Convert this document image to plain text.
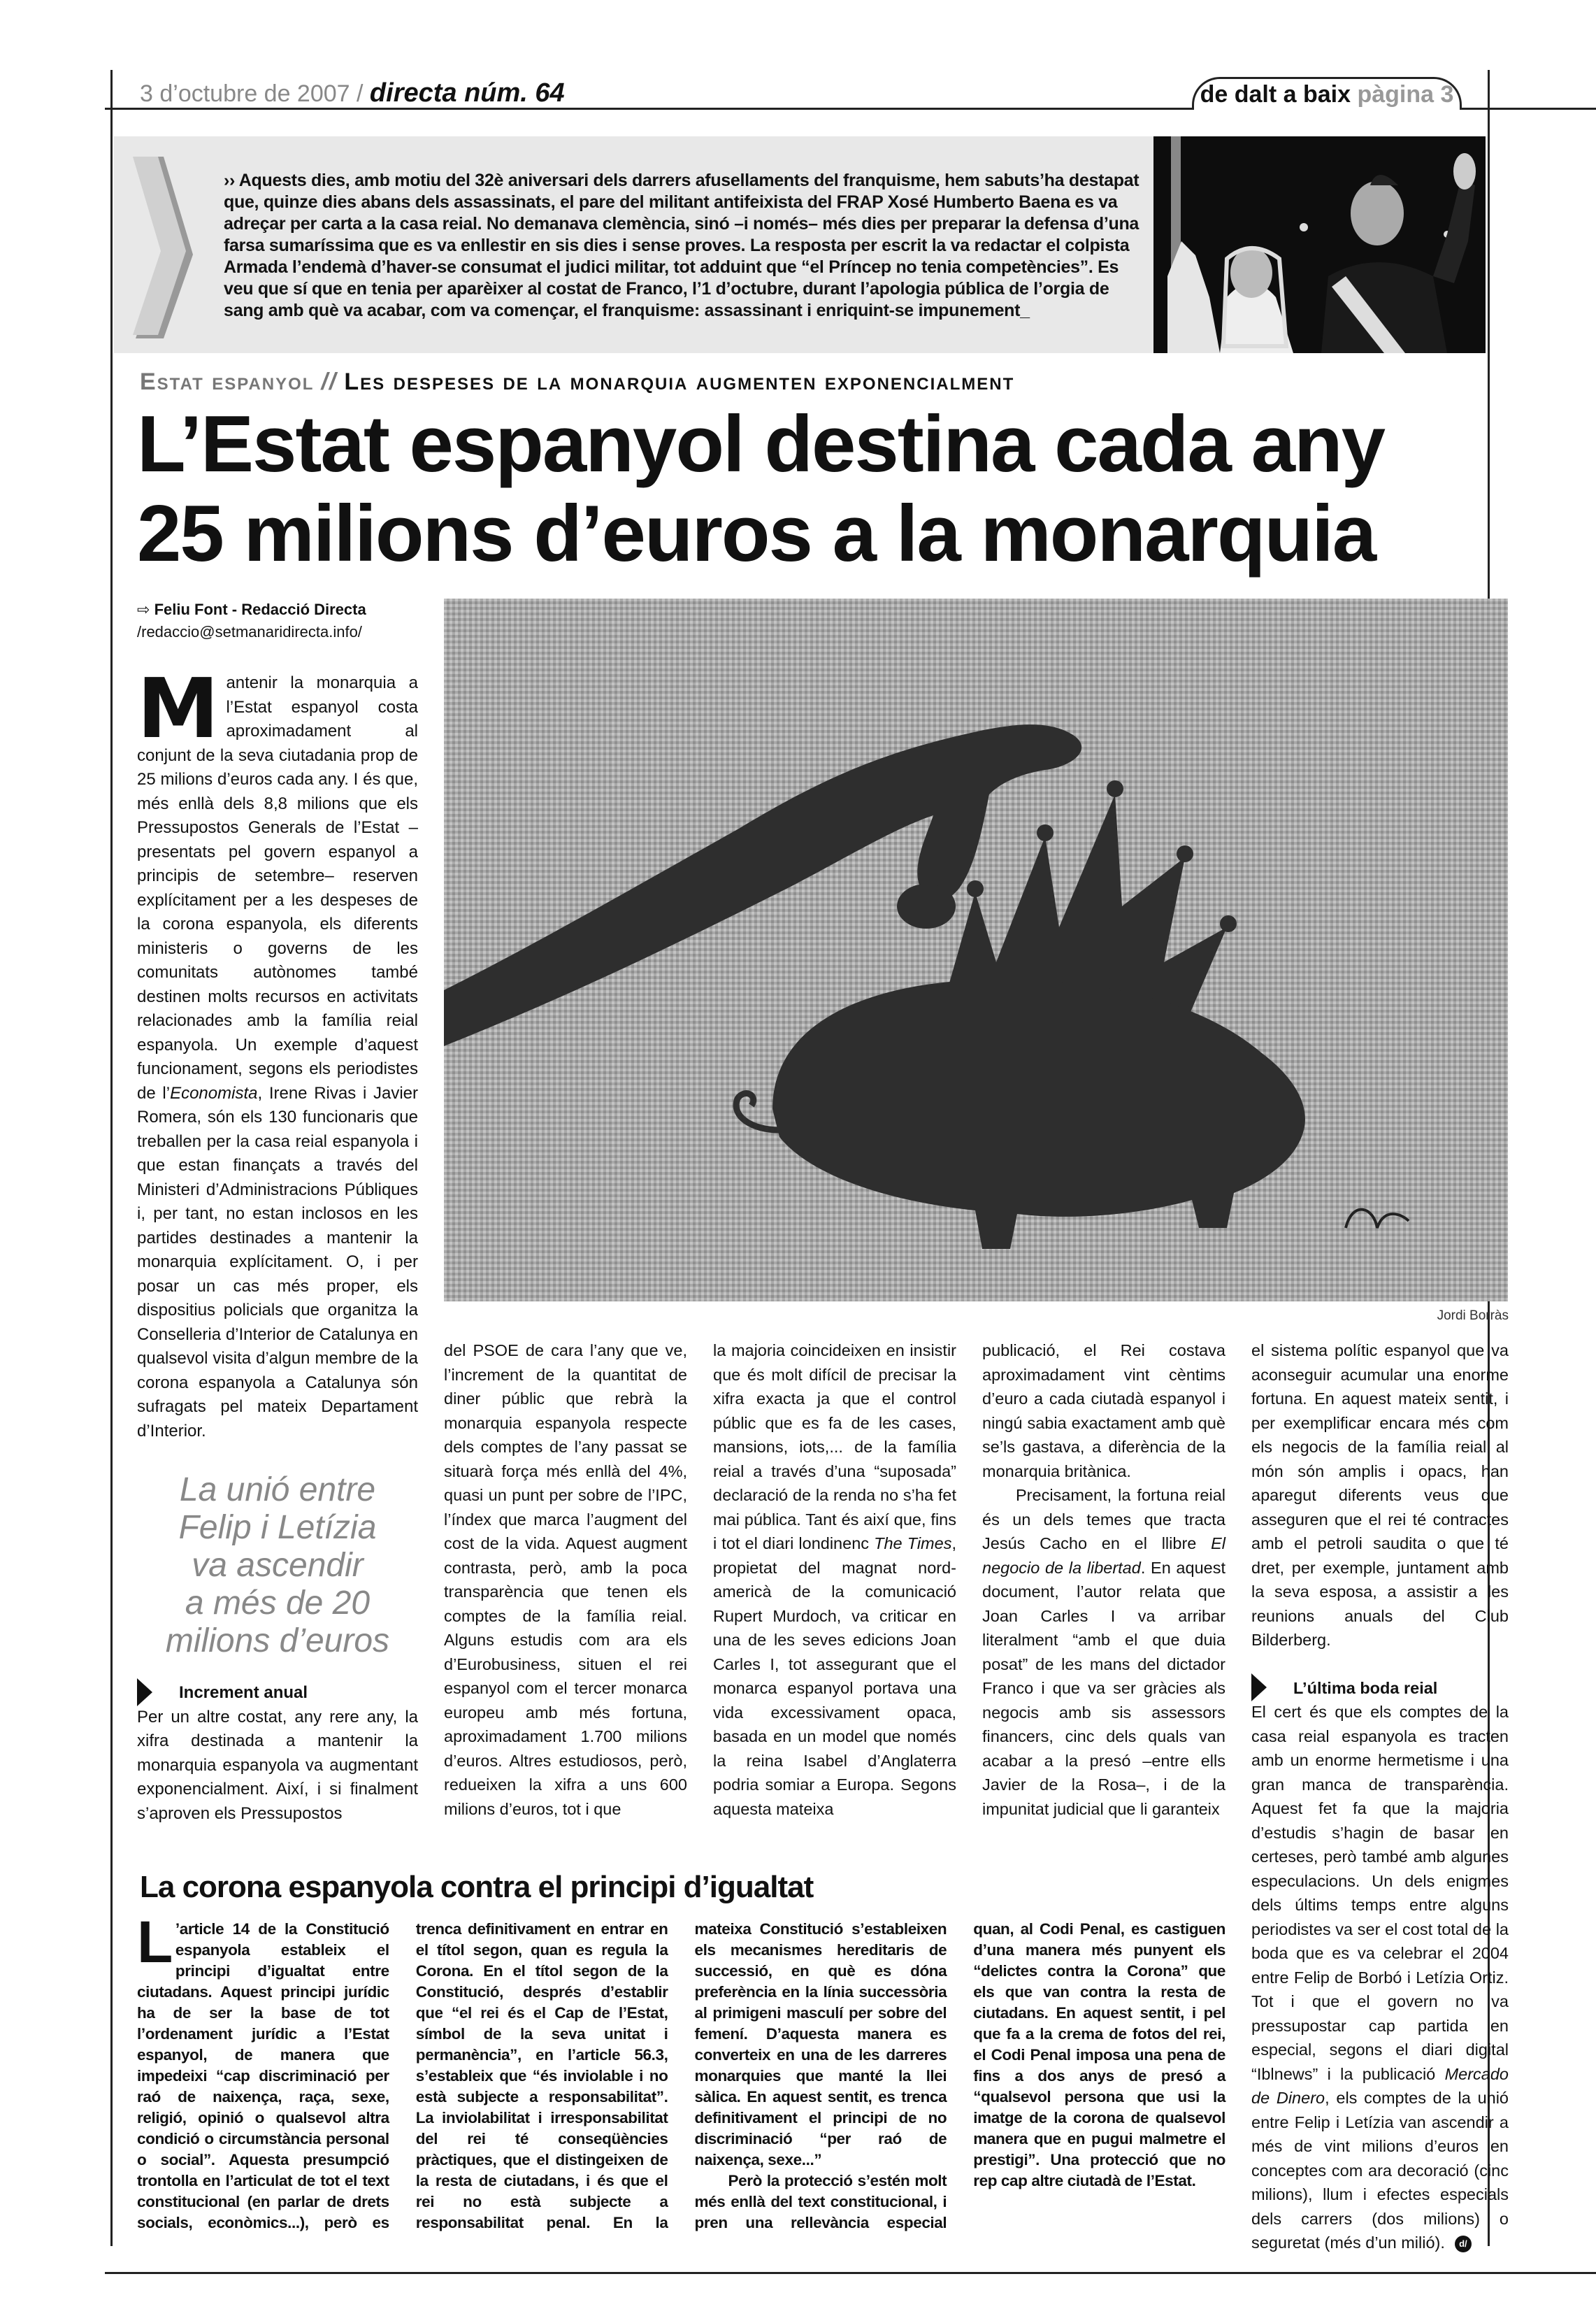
3 d’octubre de 2007 / directa núm. 64	de dalt a baix pàgina 3
›› Aquests dies, amb motiu del 32è aniversari dels darrers afusellaments del franquisme, hem sabuts’ha destapat que, quinze dies abans dels assassinats, el pare del militant antifeixista del FRAP Xosé Humberto Baena es va adreçar per carta a la casa reial. No demanava clemència, sinó –i només– més dies per preparar la defensa d’una farsa sumaríssima que es va enllestir en sis dies i sense proves. La resposta per escrit la va redactar el colpista Armada l’endemà d’haver-se consumat el judici militar, tot adduint que “el Príncep no tenia competències”. Es veu que sí que en tenia per aparèixer al costat de Franco, l’1 d’octubre, durant l’apologia pública de l’orgia de sang amb què va acabar, com va començar, el franquisme: assassinant i enriquint-se impunement_
Estat espanyol // Les despeses de la monarquia augmenten exponencialment
L’Estat espanyol destina cada any
25 milions d’euros a la monarquia
⇨ Feliu Font - Redacció Directa
/redaccio@setmanaridirecta.info/

Mantenir la monarquia a l’Estat espanyol costa aproximadament al conjunt de la seva ciutadania prop de 25 milions d’euros cada any. I és que, més enllà dels 8,8 milions que els Pressupostos Generals de l’Estat –presentats pel govern espanyol a principis de setembre– reserven explícitament per a les despeses de la corona espanyola, els diferents ministeris o governs de les comunitats autònomes també destinen molts recursos en activitats relacionades amb la família reial espanyola. Un exemple d’aquest funcionament, segons els periodistes de l’Economista, Irene Rivas i Javier Romera, són els 130 funcionaris que treballen per la casa reial espanyola i que estan finançats a través del Ministeri d’Administracions Públiques i, per tant, no estan inclosos en les partides destinades a mantenir la monarquia explícitament. O, i per posar un cas més proper, els dispositius policials que organitza la Conselleria d’Interior de Catalunya en qualsevol visita d’algun membre de la corona espanyola a Catalunya són sufragats pel mateix Departament d’Interior.

La unió entre
Felip i Letízia
va ascendir
a més de 20
milions d’euros

Increment anual

Per un altre costat, any rere any, la xifra destinada a mantenir la monarquia espanyola va augmentant exponencialment. Així, i si finalment s’aproven els Pressupostos

Jordi Borràs

del PSOE de cara l’any que ve, l’increment de la quantitat de diner públic que rebrà la monarquia espanyola respecte dels comptes de l’any passat se situarà força més enllà del 4%, quasi un punt per sobre de l’IPC, l’índex que marca l’augment del cost de la vida. Aquest augment contrasta, però, amb la poca transparència que tenen els comptes de la família reial. Alguns estudis com ara els d’Eurobusiness, situen el rei espanyol com el tercer monarca europeu amb més fortuna, aproximadament 1.700 milions d’euros. Altres estudiosos, però, redueixen la xifra a uns 600 milions d’euros, tot i que

la majoria coincideixen en insistir que és molt difícil de precisar la xifra exacta ja que el control públic que es fa de les cases, mansions, iots,... de la família reial a través d’una “suposada” declaració de la renda no s’ha fet mai pública. Tant és així que, fins i tot el diari londinenc The Times, propietat del magnat nord-americà de la comunicació Rupert Murdoch, va criticar en una de les seves edicions Joan Carles I, tot assegurant que el monarca espanyol portava una vida excessivament opaca, basada en un model que només la reina Isabel d’Anglaterra podria somiar a Europa. Segons aquesta mateixa

publicació, el Rei costava aproximadament vint cèntims d’euro a cada ciutadà espanyol i ningú sabia exactament amb què se’ls gastava, a diferència de la monarquia britànica.

Precisament, la fortuna reial és un dels temes que tracta Jesús Cacho en el llibre El negocio de la libertad. En aquest document, l’autor relata que Joan Carles I va arribar literalment “amb el que duia posat” de les mans del dictador Franco i que va ser gràcies als negocis amb sis assessors financers, cinc dels quals van acabar a la presó –entre ells Javier de la Rosa–, i de la impunitat judicial que li garanteix

el sistema polític espanyol que va aconseguir acumular una enorme fortuna. En aquest mateix sentit, i per exemplificar encara més com els negocis de la família reial al món són amplis i opacs, han aparegut diferents veus que asseguren que el rei té contractes amb el petroli saudita o que té dret, per exemple, juntament amb la seva esposa, a assistir a les reunions anuals del Club Bilderberg.

L’última boda reial

El cert és que els comptes de la casa reial espanyola es tracten amb un enorme hermetisme i una gran manca de transparència. Aquest fet fa que la majoria d’estudis s’hagin de basar en certeses, però també amb algunes especulacions. Un dels enigmes dels últims temps entre alguns periodistes va ser el cost total de la boda que es va celebrar el 2004 entre Felip de Borbó i Letízia Ortiz. Tot i que el govern no va pressupostar cap partida en especial, segons el diari digital “Iblnews” i la publicació Mercado de Dinero, els comptes de la unió entre Felip i Letízia van ascendir a més de vint milions d’euros en conceptes com ara decoració (cinc milions), llum i efectes especials dels carrers (dos milions) o seguretat (més d’un milió). d/

La corona espanyola contra el principi d’igualtat

L ’article 14 de la Constitució espanyola estableix el principi d’igualtat entre ciutadans. Aquest principi jurídic ha de ser la base de tot l’ordenament jurídic a l’Estat espanyol, de manera que impedeixi “cap discriminació per raó de naixença, raça, sexe, religió, opinió o qualsevol altra condició o circumstància personal o social”. Aquesta presumpció trontolla en l’articulat de tot el text constitucional (en parlar de drets socials, econòmics...), però es trenca definitivament en entrar en el títol segon, quan es regula la Corona. En el títol segon de la Constitució, després d’establir que “el rei és el Cap de l’Estat, símbol de la seva unitat i permanència”, en l’article 56.3, s’estableix que “és inviolable i no està subjecte a responsabilitat”. La inviolabilitat i irresponsabilitat del rei té conseqüències pràctiques, que el distingeixen de la resta de ciutadans, i és que el rei no està subjecte a responsabilitat penal. En la mateixa Constitució s’estableixen els mecanismes hereditaris de successió, en què es dóna preferència en la línia successòria al primigeni masculí per sobre del femení. D’aquesta manera es converteix en una de les darreres monarquies que manté la llei sàlica. En aquest sentit, es trenca definitivament el principi de no discriminació “per raó de naixença, sexe...”

Però la protecció s’estén molt més enllà del text constitucional, i pren una rellevància especial quan, al Codi Penal, es castiguen d’una manera més punyent els “delictes contra la Corona” que els que van contra la resta de ciutadans. En aquest sentit, i pel que fa a la crema de fotos del rei, el Codi Penal imposa una pena de fins a dos anys de presó a “qualsevol persona que usi la imatge de la corona de qualsevol manera que en pugui malmetre el prestigi”. Una protecció que no rep cap altre ciutadà de l’Estat.
